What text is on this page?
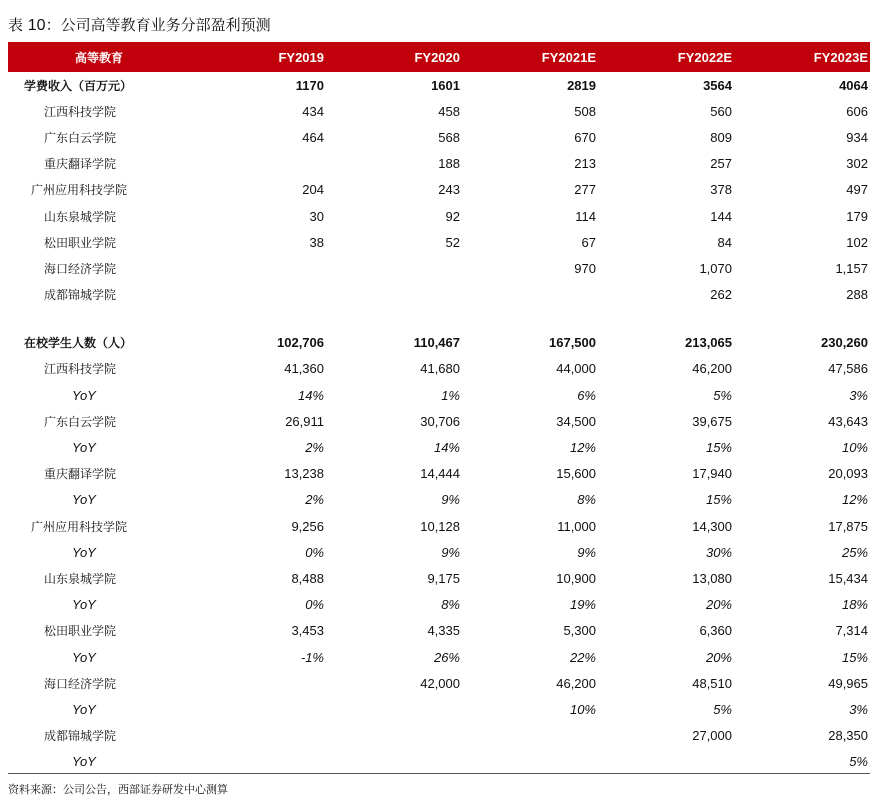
表 10：公司高等教育业务分部盈利预测
高等教育	FY2019	FY2020	FY2021E	FY2022E	FY2023E
学费收入（百万元）	1170	1601	2819	3564	4064
江西科技学院	434	458	508	560	606
广东白云学院	464	568	670	809	934
重庆翻译学院		188	213	257	302
广州应用科技学院	204	243	277	378	497
山东泉城学院	30	92	114	144	179
松田职业学院	38	52	67	84	102
海口经济学院			970	1,070	1,157
成都锦城学院				262	288

在校学生人数（人）	102,706	110,467	167,500	213,065	230,260
江西科技学院	41,360	41,680	44,000	46,200	47,586
YoY	14%	1%	6%	5%	3%
广东白云学院	26,911	30,706	34,500	39,675	43,643
YoY	2%	14%	12%	15%	10%
重庆翻译学院	13,238	14,444	15,600	17,940	20,093
YoY	2%	9%	8%	15%	12%
广州应用科技学院	9,256	10,128	11,000	14,300	17,875
YoY	0%	9%	9%	30%	25%
山东泉城学院	8,488	9,175	10,900	13,080	15,434
YoY	0%	8%	19%	20%	18%
松田职业学院	3,453	4,335	5,300	6,360	7,314
YoY	-1%	26%	22%	20%	15%
海口经济学院		42,000	46,200	48,510	49,965
YoY			10%	5%	3%
成都锦城学院				27,000	28,350
YoY					5%
资料来源：公司公告，西部证券研发中心测算
